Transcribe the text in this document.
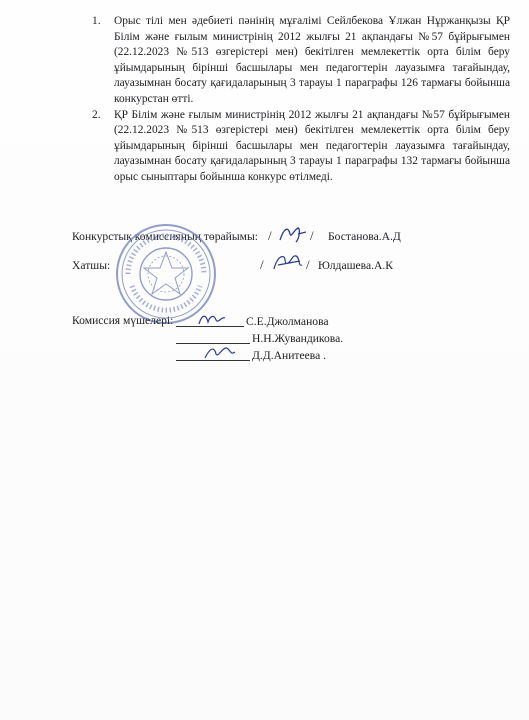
1. Орыс тілі мен әдебиеті пәнінің мұғалімі Сейлбекова Ұлжан Нұржанқызы ҚР Білім және ғылым министрінің 2012 жылғы 21 ақпандағы №57 бұйрығымен (22.12.2023 №513 өзгерістері мен) бекітілген мемлекеттік орта білім беру ұйымдарының бірінші басшылары мен педагогтерін лауазымға тағайындау, лауазымнан босату қағидаларының 3 тарауы 1 параграфы 126 тармағы бойынша конкурстан өтті.
2. ҚР Білім және ғылым министрінің 2012 жылғы 21 ақпандағы №57 бұйрығымен (22.12.2023 №513 өзгерістері мен) бекітілген мемлекеттік орта білім беру ұйымдарының бірінші басшылары мен педагогтерін лауазымға тағайындау, лауазымнан босату қағидаларының 3 тарауы 1 параграфы 132 тармағы бойынша орыс сыныптары бойынша конкурс өтілмеді.
Конкурстық комиссияның төрайымы: /	/ Бостанова.А.Д
Хатшы:	/	/ Юлдашева.А.К
Комиссия мүшелері:	С.Е.Джолманова
Н.Н.Жувандикова.
Д.Д.Анитеева .
